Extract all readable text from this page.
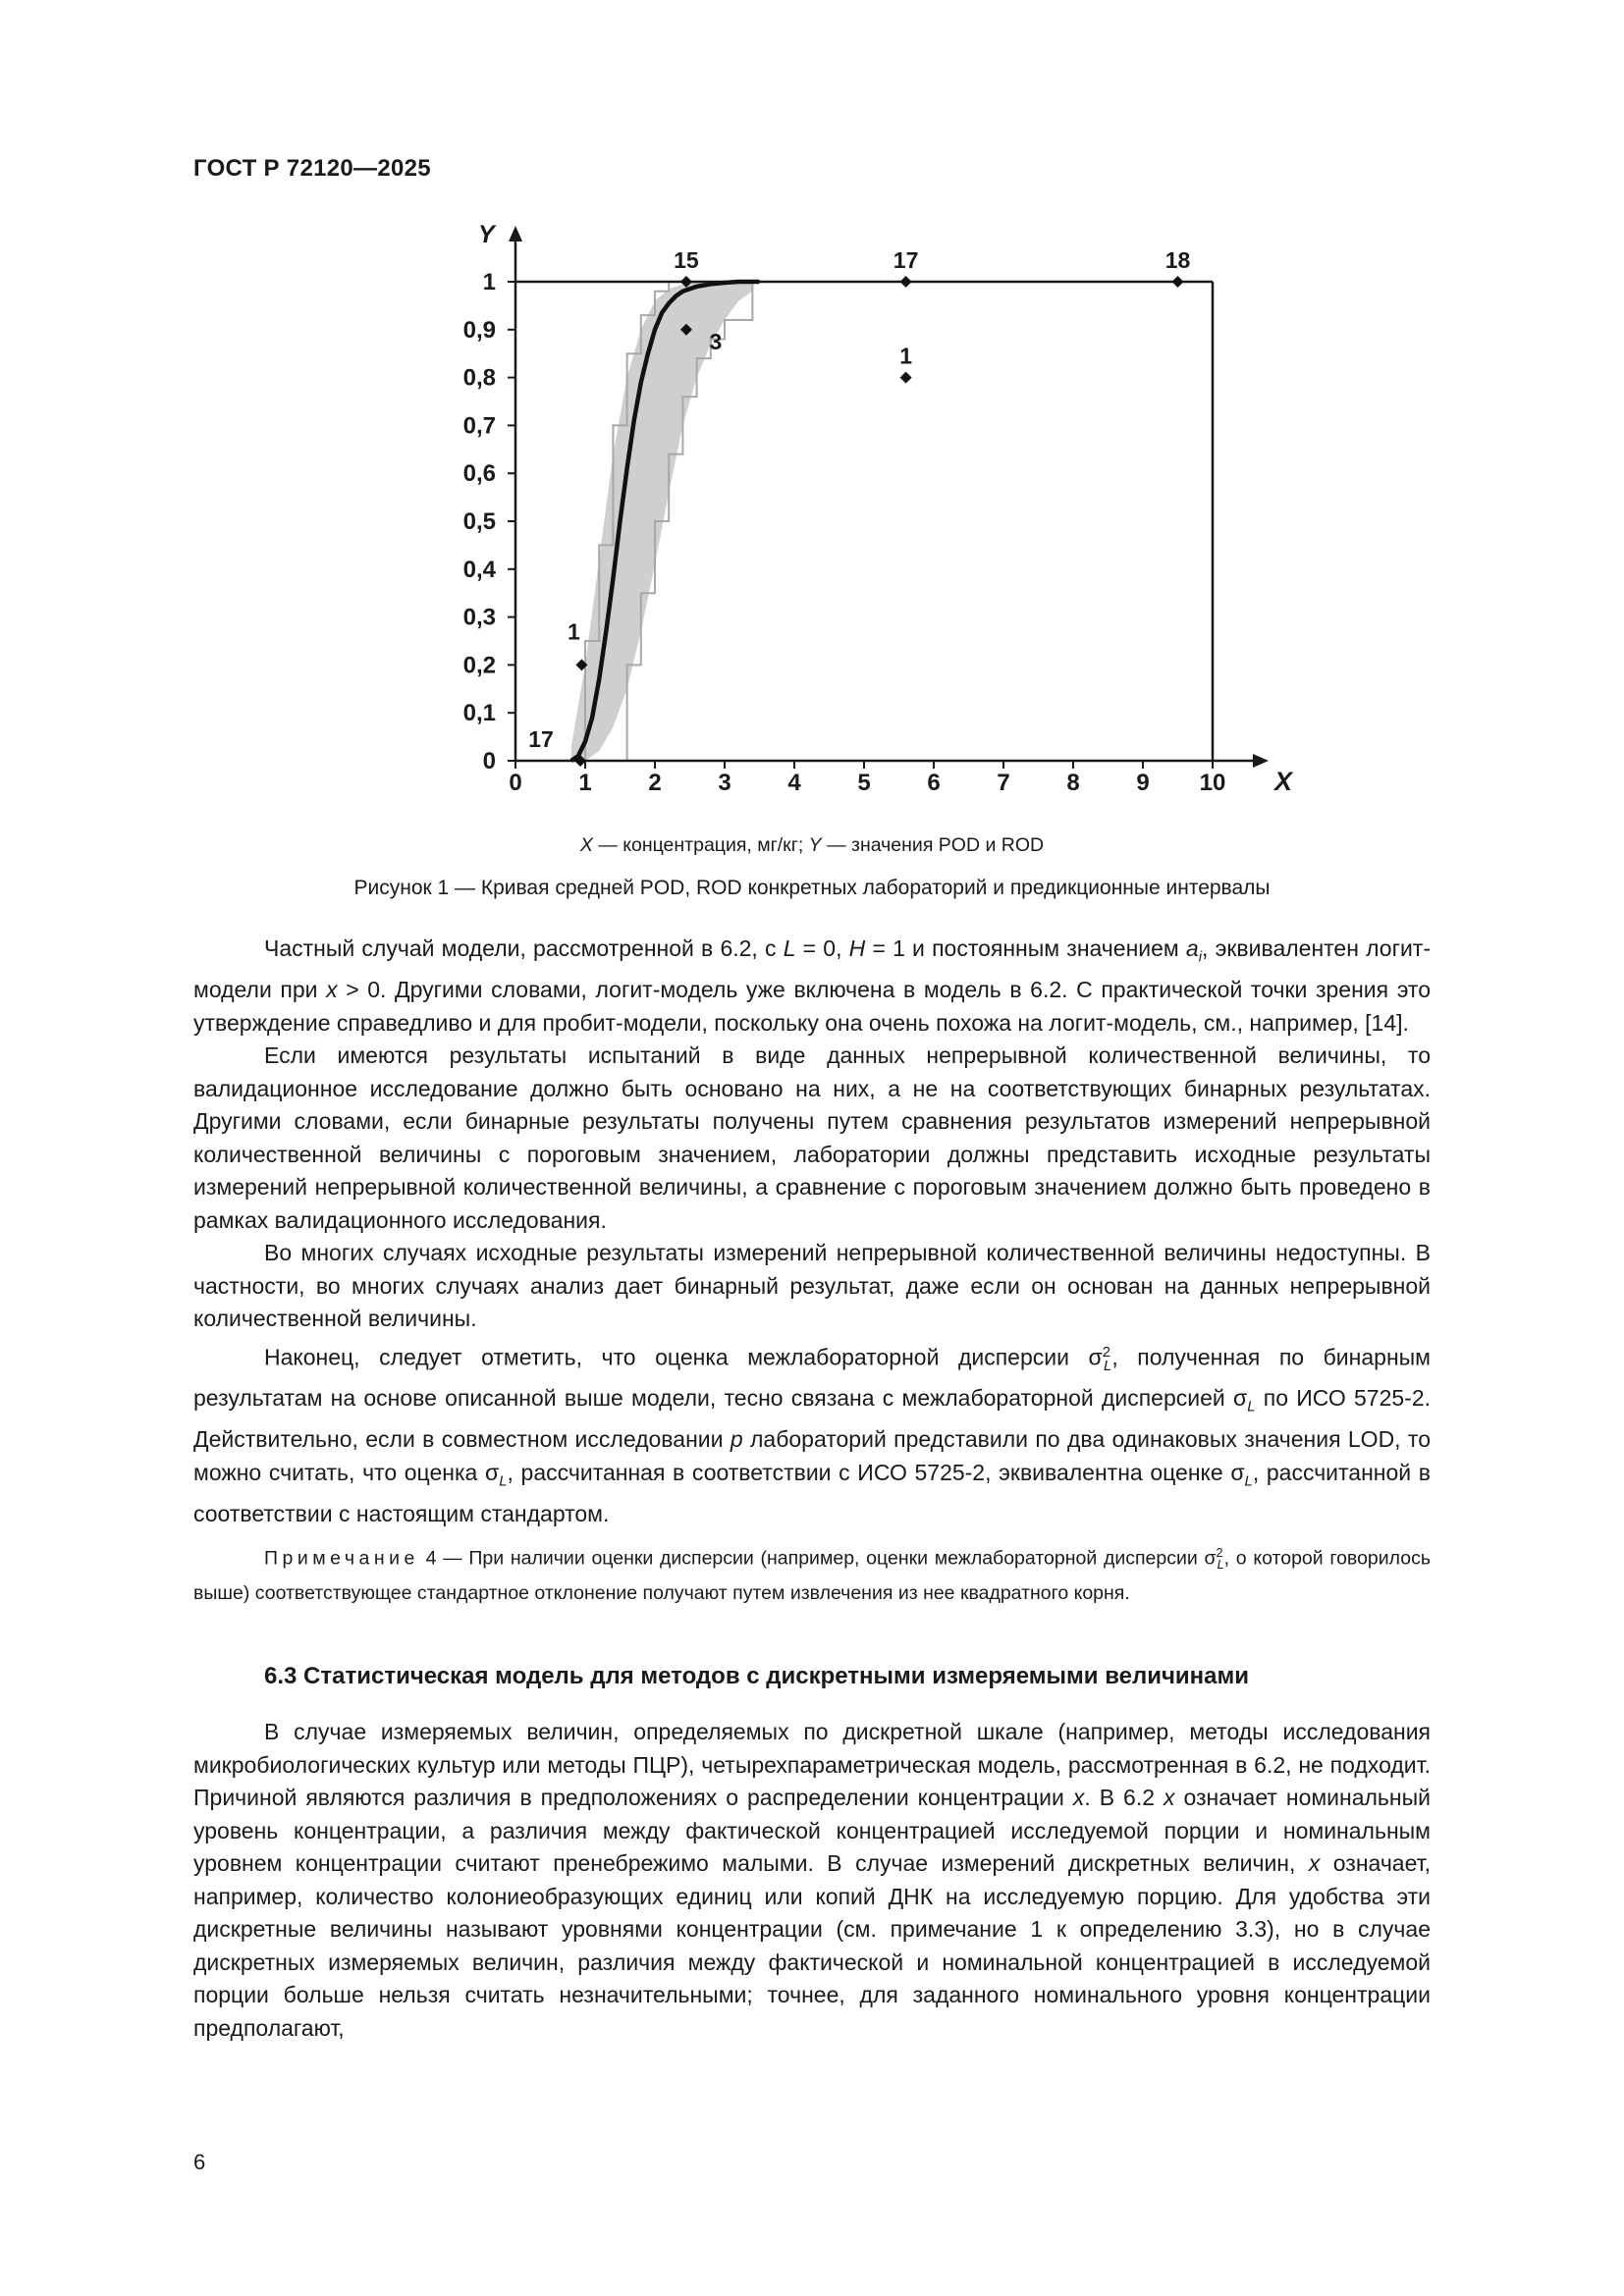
ГОСТ Р 72120—2025
X
Y
0 1 2 3 4 5 6 7 8 9 10
0
0,1
0,2
0,3
0,4
0,5
0,6
0,7
0,8
0,9
1
17
1
3
1
15	17	18
X — концентрация, мг/кг; Y — значения POD и ROD
Рисунок 1 — Кривая средней POD, ROD конкретных лабораторий и предикционные интервалы

Частный случай модели, рассмотренной в 6.2, с L = 0, H = 1 и постоянным значением $a_i$, эквивалентен логит-модели при x > 0. Другими словами, логит-модель уже включена в модель в 6.2. С практической точки зрения это утверждение справедливо и для пробит-модели, поскольку она очень похожа на логит-модель, см., например, [14].

Если имеются результаты испытаний в виде данных непрерывной количественной величины, то валидационное исследование должно быть основано на них, а не на соответствующих бинарных результатах. Другими словами, если бинарные результаты получены путем сравнения результатов измерений непрерывной количественной величины с пороговым значением, лаборатории должны представить исходные результаты измерений непрерывной количественной величины, а сравнение с пороговым значением должно быть проведено в рамках валидационного исследования.

Во многих случаях исходные результаты измерений непрерывной количественной величины недоступны. В частности, во многих случаях анализ дает бинарный результат, даже если он основан на данных непрерывной количественной величины.

Наконец, следует отметить, что оценка межлабораторной дисперсии $\sigma^2_L$, полученная по бинарным результатам на основе описанной выше модели, тесно связана с межлабораторной дисперсией $\sigma_L$ по ИСО 5725-2. Действительно, если в совместном исследовании p лабораторий представили по два одинаковых значения LOD, то можно считать, что оценка $\sigma_L$, рассчитанная в соответствии с ИСО 5725-2, эквивалентна оценке $\sigma_L$, рассчитанной в соответствии с настоящим стандартом.

Примечание 4 — При наличии оценки дисперсии (например, оценки межлабораторной дисперсии $\sigma^2_L$, о которой говорилось выше) соответствующее стандартное отклонение получают путем извлечения из нее квадратного корня.
6.3 Статистическая модель для методов с дискретными измеряемыми величинами

В случае измеряемых величин, определяемых по дискретной шкале (например, методы исследования микробиологических культур или методы ПЦР), четырехпараметрическая модель, рассмотренная в 6.2, не подходит. Причиной являются различия в предположениях о распределении концентрации x. В 6.2 x означает номинальный уровень концентрации, а различия между фактической концентрацией исследуемой порции и номинальным уровнем концентрации считают пренебрежимо малыми. В случае измерений дискретных величин, x означает, например, количество колониеобразующих единиц или копий ДНК на исследуемую порцию. Для удобства эти дискретные величины называют уровнями концентрации (см. примечание 1 к определению 3.3), но в случае дискретных измеряемых величин, различия между фактической и номинальной концентрацией в исследуемой порции больше нельзя считать незначительными; точнее, для заданного номинального уровня концентрации предполагают,

6
